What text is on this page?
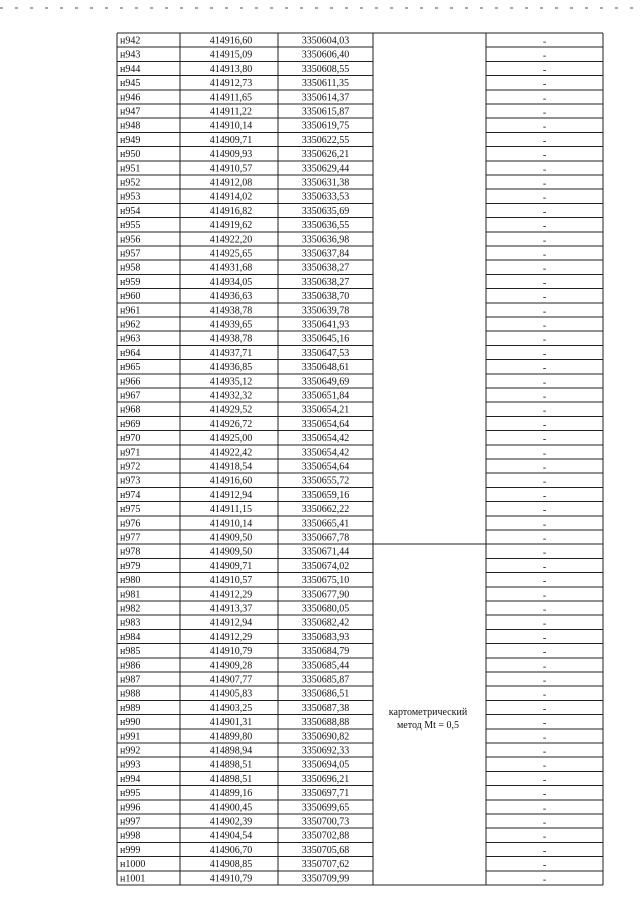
н942	414916,60	3350604,03	-
н943	414915,09	3350606,40	-
н944	414913,80	3350608,55	-
н945	414912,73	3350611,35	-
н946	414911,65	3350614,37	-
н947	414911,22	3350615,87	-
н948	414910,14	3350619,75	-
н949	414909,71	3350622,55	-
н950	414909,93	3350626,21	-
н951	414910,57	3350629,44	-
н952	414912,08	3350631,38	-
н953	414914,02	3350633,53	-
н954	414916,82	3350635,69	-
н955	414919,62	3350636,55	-
н956	414922,20	3350636,98	-
н957	414925,65	3350637,84	-
н958	414931,68	3350638,27	-
н959	414934,05	3350638,27	-
н960	414936,63	3350638,70	-
н961	414938,78	3350639,78	-
н962	414939,65	3350641,93	-
н963	414938,78	3350645,16	-
н964	414937,71	3350647,53	-
н965	414936,85	3350648,61	-
н966	414935,12	3350649,69	-
н967	414932,32	3350651,84	-
н968	414929,52	3350654,21	-
н969	414926,72	3350654,64	-
н970	414925,00	3350654,42	-
н971	414922,42	3350654,42	-
н972	414918,54	3350654,64	-
н973	414916,60	3350655,72	-
н974	414912,94	3350659,16	-
н975	414911,15	3350662,22	-
н976	414910,14	3350665,41	-
н977	414909,50	3350667,78	-
н978	414909,50	3350671,44	-
н979	414909,71	3350674,02	-
н980	414910,57	3350675,10	-
н981	414912,29	3350677,90	-
н982	414913,37	3350680,05	-
н983	414912,94	3350682,42	-
н984	414912,29	3350683,93	-
н985	414910,79	3350684,79	-
н986	414909,28	3350685,44	-
н987	414907,77	3350685,87	-
н988	414905,83	3350686,51	-
н989	414903,25	3350687,38	-
н990	414901,31	3350688,88	-
н991	414899,80	3350690,82	-
н992	414898,94	3350692,33	-
н993	414898,51	3350694,05	-
н994	414898,51	3350696,21	-
н995	414899,16	3350697,71	-
н996	414900,45	3350699,65	-
н997	414902,39	3350700,73	-
н998	414904,54	3350702,88	-
н999	414906,70	3350705,68	-
н1000	414908,85	3350707,62	-
н1001	414910,79	3350709,99	-
картометрический
метод Mt = 0,5
